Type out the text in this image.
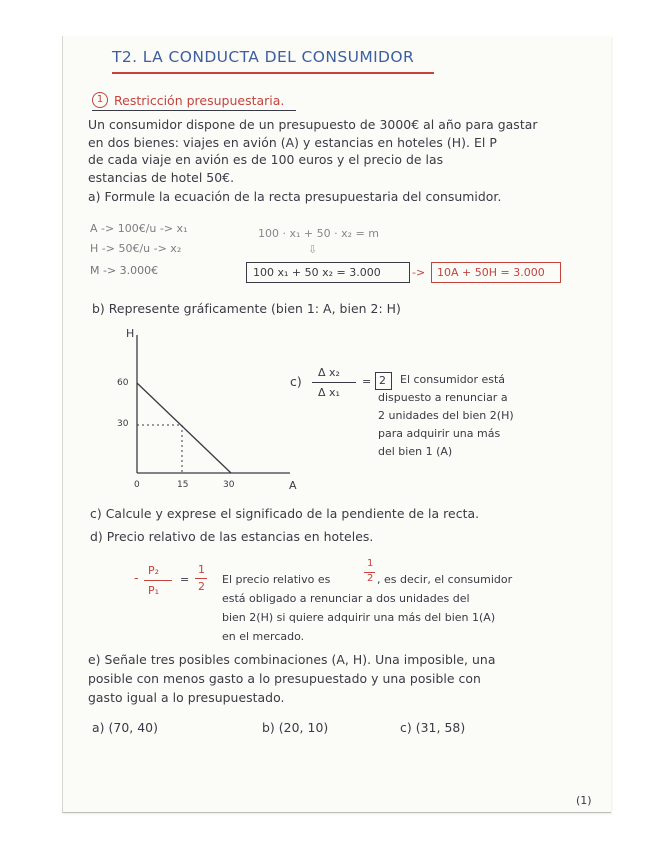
T2. LA CONDUCTA DEL CONSUMIDOR
1 Restricción presupuestaria.
Un consumidor dispone de un presupuesto de 3000€ al año para gastar
en dos bienes: viajes en avión (A) y estancias en hoteles (H). El P
de cada viaje en avión es de 100 euros y el precio de las
estancias de hotel 50€.
a) Formule la ecuación de la recta presupuestaria del consumidor.
A -> 100€/u -> x₁
H -> 50€/u -> x₂
M -> 3.000€
100 · x₁ + 50 · x₂ = m
⇩
100 x₁ + 50 x₂ = 3.000	-> 10A + 50H = 3.000
b) Represente gráficamente (bien 1: A, bien 2: H)
H
A
0
60
30
15	30
c)
Δ x₂
Δ x₁
= 2 El consumidor está
dispuesto a renunciar a
2 unidades del bien 2(H)
para adquirir una más
del bien 1 (A)
c) Calcule y exprese el significado de la pendiente de la recta.
d) Precio relativo de las estancias en hoteles.
- P₂
P₁
=
1
2
El precio relativo es
1
2 , es decir, el consumidor
está obligado a renunciar a dos unidades del
bien 2(H) si quiere adquirir una más del bien 1(A)
en el mercado.
e) Señale tres posibles combinaciones (A, H). Una imposible, una
posible con menos gasto a lo presupuestado y una posible con
gasto igual a lo presupuestado.
a) (70, 40)	b) (20, 10)	c) (31, 58)
(1)
